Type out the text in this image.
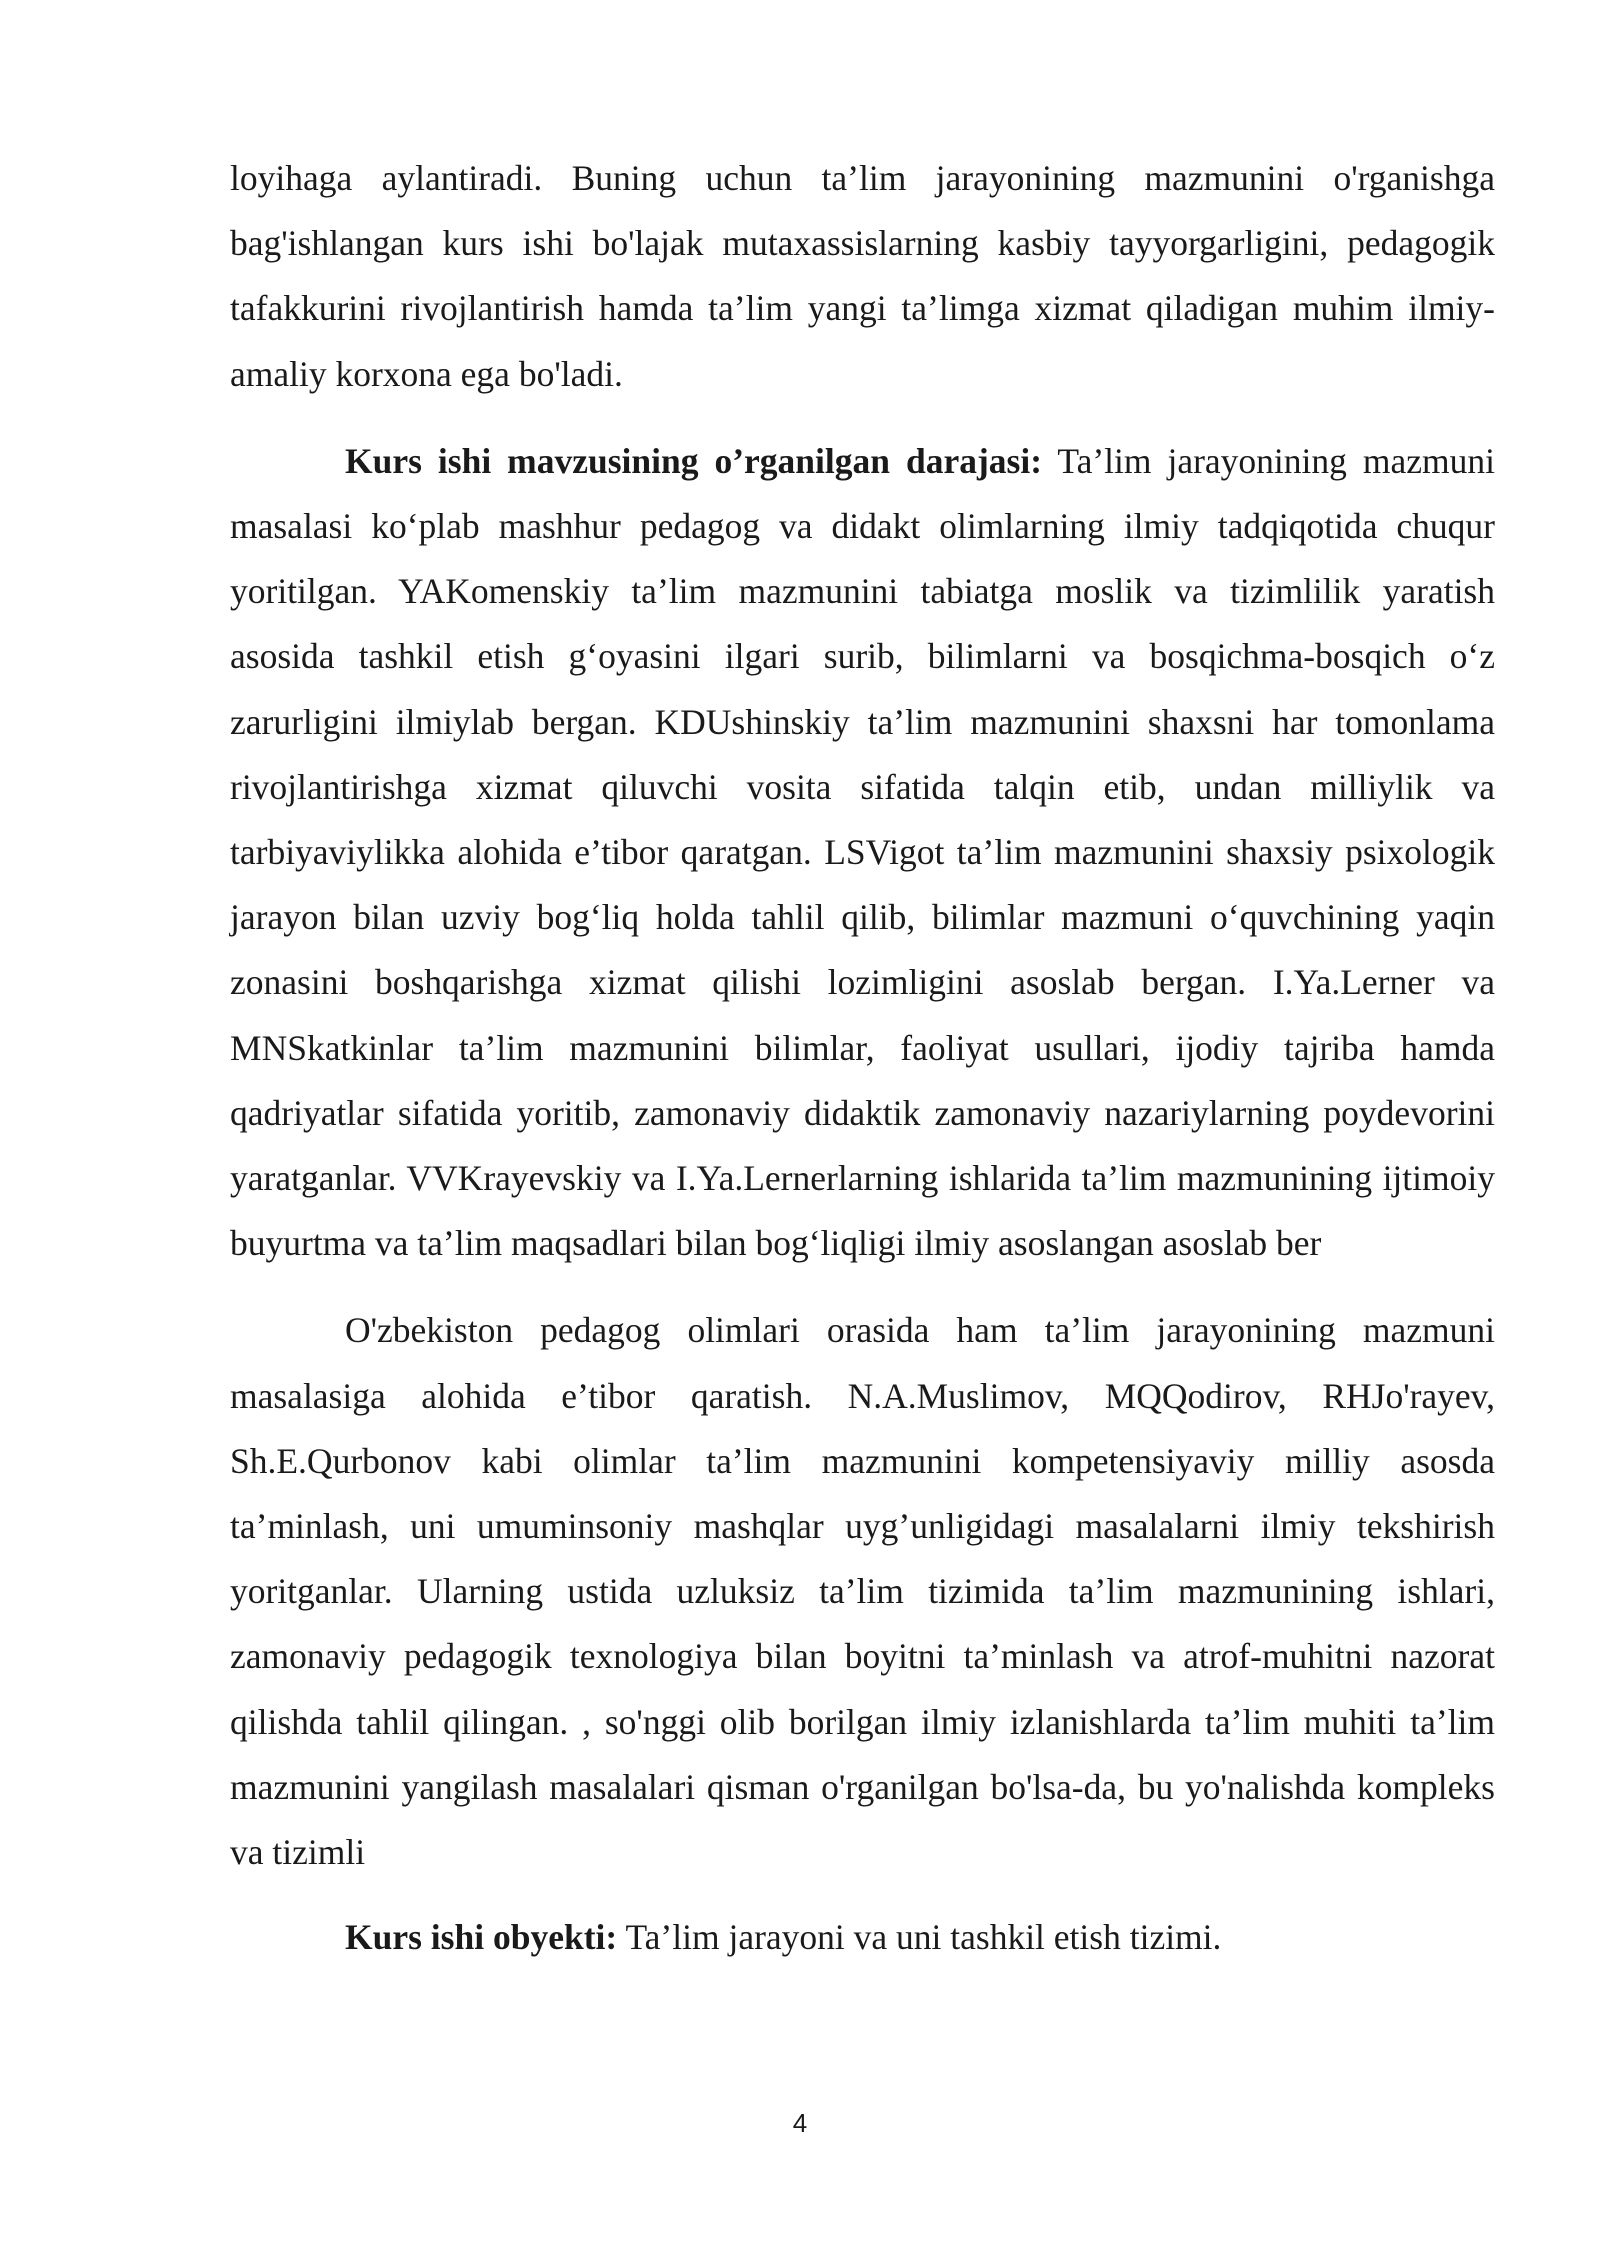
loyihaga aylantiradi. Buning uchun ta’lim jarayonining mazmunini o'rganishga bag'ishlangan kurs ishi bo'lajak mutaxassislarning kasbiy tayyorgarligini, pedagogik tafakkurini rivojlantirish hamda ta’lim yangi ta’limga xizmat qiladigan muhim ilmiy-amaliy korxona ega bo'ladi.

Kurs ishi mavzusining o’rganilgan darajasi: Ta’lim jarayonining mazmuni masalasi ko‘plab mashhur pedagog va didakt olimlarning ilmiy tadqiqotida chuqur yoritilgan. YAKomenskiy ta’lim mazmunini tabiatga moslik va tizimlilik yaratish asosida tashkil etish g‘oyasini ilgari surib, bilimlarni va bosqichma-bosqich o‘z zarurligini ilmiylab bergan. KDUshinskiy ta’lim mazmunini shaxsni har tomonlama rivojlantirishga xizmat qiluvchi vosita sifatida talqin etib, undan milliylik va tarbiyaviylikka alohida e’tibor qaratgan. LSVigot ta’lim mazmunini shaxsiy psixologik jarayon bilan uzviy bog‘liq holda tahlil qilib, bilimlar mazmuni o‘quvchining yaqin zonasini boshqarishga xizmat qilishi lozimligini asoslab bergan. I.Ya.Lerner va MNSkatkinlar ta’lim mazmunini bilimlar, faoliyat usullari, ijodiy tajriba hamda qadriyatlar sifatida yoritib, zamonaviy didaktik zamonaviy nazariylarning poydevorini yaratganlar. VVKrayevskiy va I.Ya.Lernerlarning ishlarida ta’lim mazmunining ijtimoiy buyurtma va ta’lim maqsadlari bilan bog‘liqligi ilmiy asoslangan asoslab ber

O'zbekiston pedagog olimlari orasida ham ta’lim jarayonining mazmuni masalasiga alohida e’tibor qaratish. N.A.Muslimov, MQQodirov, RHJo'rayev, Sh.E.Qurbonov kabi olimlar ta’lim mazmunini kompetensiyaviy milliy asosda ta’minlash, uni umuminsoniy mashqlar uyg’unligidagi masalalarni ilmiy tekshirish yoritganlar. Ularning ustida uzluksiz ta’lim tizimida ta’lim mazmunining ishlari, zamonaviy pedagogik texnologiya bilan boyitni ta’minlash va atrof-muhitni nazorat qilishda tahlil qilingan. , so'nggi olib borilgan ilmiy izlanishlarda ta’lim muhiti ta’lim mazmunini yangilash masalalari qisman o'rganilgan bo'lsa-da, bu yo'nalishda kompleks va tizimli

Kurs ishi obyekti: Ta’lim jarayoni va uni tashkil etish tizimi.

4
